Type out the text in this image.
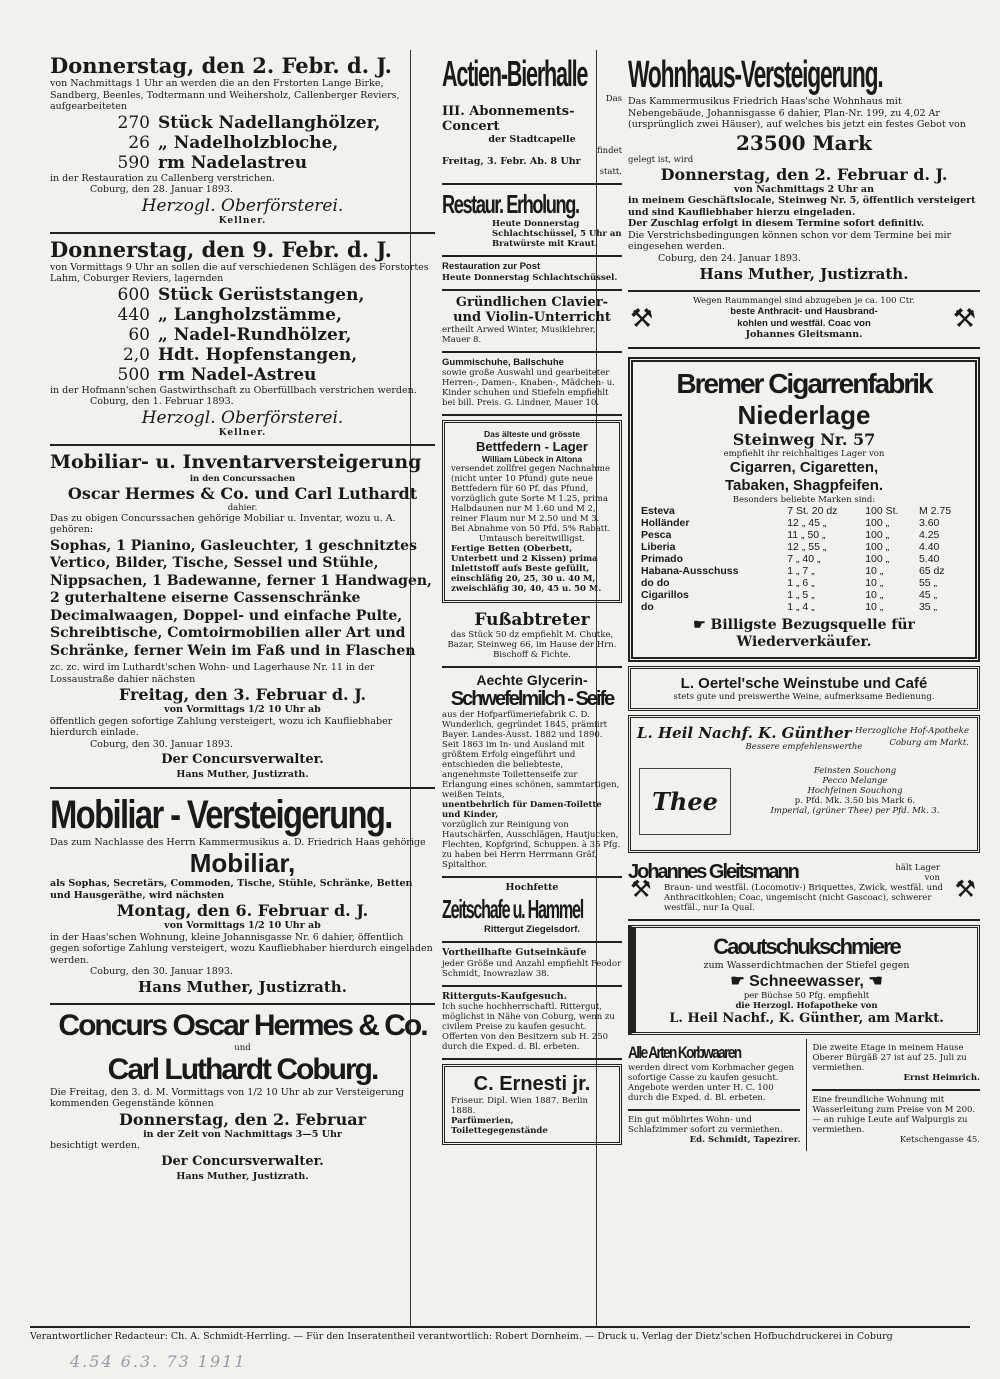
Donnerstag, den 2. Febr. d. J.

von Nachmittags 1 Uhr an werden die an den Frstorten Lange Birke, Sandberg, Beenles, Todtermann und Weihersholz, Callenberger Reviers, aufgearbeiteten

270 Stück Nadellanghölzer,
26 „ Nadelholzbloche,
590 rm Nadelastreu

in der Restauration zu Callenberg verstrichen.

Coburg, den 28. Januar 1893.

Herzogl. Oberförsterei.

Kellner.

Donnerstag, den 9. Febr. d. J.

von Vormittags 9 Uhr an sollen die auf verschiedenen Schlägen des Forstortes Lahm, Coburger Reviers, lagernden

600 Stück Gerüststangen,
440 „ Langholzstämme,
60 „ Nadel-Rundhölzer,
2,0 Hdt. Hopfenstangen,
500 rm Nadel-Astreu

in der Hofmann'schen Gastwirthschaft zu Oberfüllbach verstrichen werden.

Coburg, den 1. Februar 1893.

Herzogl. Oberförsterei.

Kellner.

Mobiliar- u. Inventarversteigerung

in den Concurssachen

Oscar Hermes & Co. und Carl Luthardt

dahier.

Das zu obigen Concurssachen gehörige Mobiliar u. Inventar, wozu u. A. gehören:

Sophas, 1 Pianino, Gasleuchter, 1 geschnitztes Vertico, Bilder, Tische, Sessel und Stühle, Nippsachen, 1 Badewanne, ferner 1 Handwagen, 2 guterhaltene eiserne Cassenschränke Decimalwaagen, Doppel- und einfache Pulte, Schreibtische, Comtoirmobilien aller Art und Schränke, ferner Wein im Faß und in Flaschen

zc. zc. wird im Luthardt'schen Wohn- und Lagerhause Nr. 11 in der Lossaustraße dahier nächsten

Freitag, den 3. Februar d. J.

von Vormittags 1/2 10 Uhr ab

öffentlich gegen sofortige Zahlung versteigert, wozu ich Kaufliebhaber hierdurch einlade.

Coburg, den 30. Januar 1893.

Der Concursverwalter.

Hans Muther, Justizrath.

Mobiliar - Versteigerung.

Das zum Nachlasse des Herrn Kammermusikus a. D. Friedrich Haas gehörige

Mobiliar,

als Sophas, Secretärs, Commoden, Tische, Stühle, Schränke, Betten und Hausgeräthe, wird nächsten

Montag, den 6. Februar d. J.

von Vormittags 1/2 10 Uhr ab

in der Haas'schen Wohnung, kleine Johannisgasse Nr. 6 dahier, öffentlich gegen sofortige Zahlung versteigert, wozu Kaufliebhaber hierdurch eingeladen werden.

Coburg, den 30. Januar 1893.

Hans Muther, Justizrath.

Concurs Oscar Hermes & Co.

und

Carl Luthardt Coburg.

Die Freitag, den 3. d. M. Vormittags von 1/2 10 Uhr ab zur Versteigerung kommenden Gegenstände können

Donnerstag, den 2. Februar

in der Zeit von Nachmittags 3—5 Uhr

besichtigt werden.

Der Concursverwalter.

Hans Muther, Justizrath.

Actien-Bierhalle

Das

III. Abonnements-Concert

der Stadtcapelle

findet

Freitag, 3. Febr. Ab. 8 Uhr

statt.

Restaur. Erholung.

Heute Donnerstag Schlachtschüssel, 5 Uhr an Bratwürste mit Kraut.

Restauration zur Post

Heute Donnerstag Schlachtschüssel.

Gründlichen Clavier- und Violin-Unterricht

ertheilt Arwed Winter, Musiklehrer, Mauer 8.

Gummischuhe, Ballschuhe

sowie große Auswahl und gearbeiteter Herren-, Damen-, Knaben-, Mädchen- u. Kinder schuhen und Stiefeln empfiehlt bei bill. Preis. G. Lindner, Mauer 10.

Das älteste und grösste

Bettfedern - Lager

William Lübeck in Altona

versendet zollfrei gegen Nachnahme (nicht unter 10 Pfund) gute neue Bettfedern für 60 Pf. das Pfund, vorzüglich gute Sorte M 1.25, prima Halbdaunen nur M 1.60 und M 2, reiner Flaum nur M 2.50 und M 3.

Bei Abnahme von 50 Pfd. 5% Rabatt.

Umtausch bereitwilligst.

Fertige Betten (Oberbett, Unterbett und 2 Kissen) prima Inlettstoff aufs Beste gefüllt, einschläfig 20, 25, 30 u. 40 M, zweischläfig 30, 40, 45 u. 50 M.

Fußabtreter

das Stück 50 ǳ empfiehlt M. Chutke, Bazar, Steinweg 66, im Hause der Hrn. Bischoff & Fichte.

Aechte Glycerin-

Schwefelmilch - Seife

aus der Hofparfümeriefabrik C. D. Wunderlich, gegründet 1845, prämiirt Bayer. Landes-Ausst. 1882 und 1890.

Seit 1863 im In- und Ausland mit größtem Erfolg eingeführt und entschieden die beliebteste, angenehmste Toilettenseife zur Erlangung eines schönen, sammtartigen, weißen Teints,

unentbehrlich für Damen-Toilette und Kinder,

vorzüglich zur Reinigung von Hautschärfen, Ausschlägen, Hautjucken, Flechten, Kopfgrind, Schuppen. à 35 Pfg. zu haben bei Herrn Herrmann Gräf, Spitalthor.

Hochfette

Zeitschafe u. Hammel

Rittergut Ziegelsdorf.

Vortheilhafte Gutseinkäufe

jeder Größe und Anzahl empfiehlt Feodor Schmidt, Inowrazlaw 38.

Ritterguts-Kaufgesuch.

Ich suche hochherrschaftl. Rittergut, möglichst in Nähe von Coburg, wenn zu civilem Preise zu kaufen gesucht. Offerten von den Besitzern sub H. 250 durch die Exped. d. Bl. erbeten.

C. Ernesti jr.

Friseur. Dipl. Wien 1887. Berlin 1888.

Parfümerien, Toilettegegenstände

Wohnhaus-Versteigerung.

Das Kammermusikus Friedrich Haas'sche Wohnhaus mit Nebengebäude, Johannisgasse 6 dahier, Plan-Nr. 199, zu 4,02 Ar (ursprünglich zwei Häuser), auf welches bis jetzt ein festes Gebot von

23500 Mark

gelegt ist, wird

Donnerstag, den 2. Februar d. J.

von Nachmittags 2 Uhr an

in meinem Geschäftslocale, Steinweg Nr. 5, öffentlich versteigert und sind Kaufliebhaber hierzu eingeladen.

Der Zuschlag erfolgt in diesem Termine sofort definitiv.

Die Verstrichsbedingungen können schon vor dem Termine bei mir eingesehen werden.

Coburg, den 24. Januar 1893.

Hans Muther, Justizrath.

⚒	⚒

Wegen Raummangel sind abzugeben je ca. 100 Ctr.

beste Anthracit- und Hausbrand-

kohlen und westfäl. Coac von

Johannes Gleitsmann.

Bremer Cigarrenfabrik

Niederlage

Steinweg Nr. 57

empfiehlt ihr reichhaltiges Lager von

Cigarren, Cigaretten,

Tabaken, Shagpfeifen.

Besonders beliebte Marken sind:

Esteva	7 St. 20 ǳ	100 St.	M 2.75
Holländer	12 „ 45 „	100 „	3.60
Pesca	11 „ 50 „	100 „	4.25
Liberia	12 „ 55 „	100 „	4.40
Primado	7 „ 40 „	100 „	5.40
Habana-Ausschuss	1 „ 7 „	10 „	65 ǳ
do do	1 „ 6 „	10 „	55 „
Cigarillos	1 „ 5 „	10 „	45 „
do	1 „ 4 „	10 „	35 „

☛ Billigste Bezugsquelle für Wiederverkäufer.

L. Oertel'sche Weinstube und Café

stets gute und preiswerthe Weine, aufmerksame Bedienung.

L. Heil Nachf. K. Günther Herzogliche Hof-Apotheke

Coburg am Markt.

Bessere empfehlenswerthe

Thee

Feinsten Souchong

Pecco Melange

Hochfeinen Souchong

p. Pfd. Mk. 3.50 bis Mark 6.

Imperial, (grüner Thee) per Pfd. Mk. 3.

⚒	⚒

Johannes Gleitsmann	hält Lager von

Braun- und westfäl. (Locomotiv-) Briquettes, Zwick, westfäl. und Anthracitkohlen; Coac, ungemischt (nicht Gascoac), schwerer westfäl., nur Ia Qual.

Caoutschukschmiere

zum Wasserdichtmachen der Stiefel gegen

☛ Schneewasser, ☚

per Büchse 50 Pfg. empfiehlt

die Herzogl. Hofapotheke von

L. Heil Nachf., K. Günther, am Markt.

Alle Arten Korbwaaren

werden direct vom Korbmacher gegen sofortige Casse zu kaufen gesucht. Angebote werden unter H. C. 100 durch die Exped. d. Bl. erbeten.

Ein gut möblirtes Wohn- und Schlafzimmer sofort zu vermiethen.

Ed. Schmidt, Tapezirer.

Die zweite Etage in meinem Hause Oberer Bürgäß 27 ist auf 25. Juli zu vermiethen.

Ernst Heimrich.

Eine freundliche Wohnung mit Wasserleitung zum Preise von M 200. — an ruhige Leute auf Walpurgis zu vermiethen.

Ketschengasse 45.

Verantwortlicher Redacteur: Ch. A. Schmidt-Herrling. — Für den Inseratentheil verantwortlich: Robert Dornheim. — Druck u. Verlag der Dietz'schen Hofbuchdruckerei in Coburg
4.54 6.3. 73 1911
